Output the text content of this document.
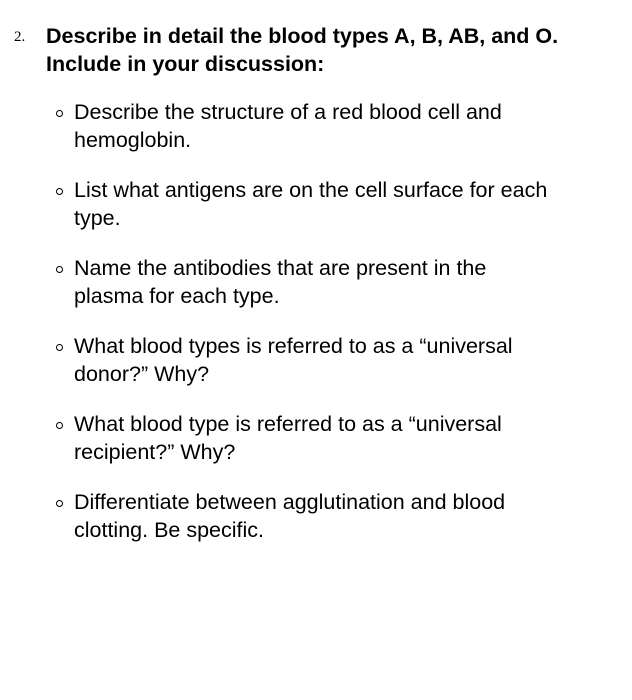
2. Describe in detail the blood types A, B, AB, and O.

Include in your discussion:

Describe the structure of a red blood cell and
hemoglobin.
List what antigens are on the cell surface for each
type.
Name the antibodies that are present in the
plasma for each type.
What blood types is referred to as a “universal
donor?” Why?
What blood type is referred to as a “universal
recipient?” Why?
Differentiate between agglutination and blood
clotting. Be specific.
